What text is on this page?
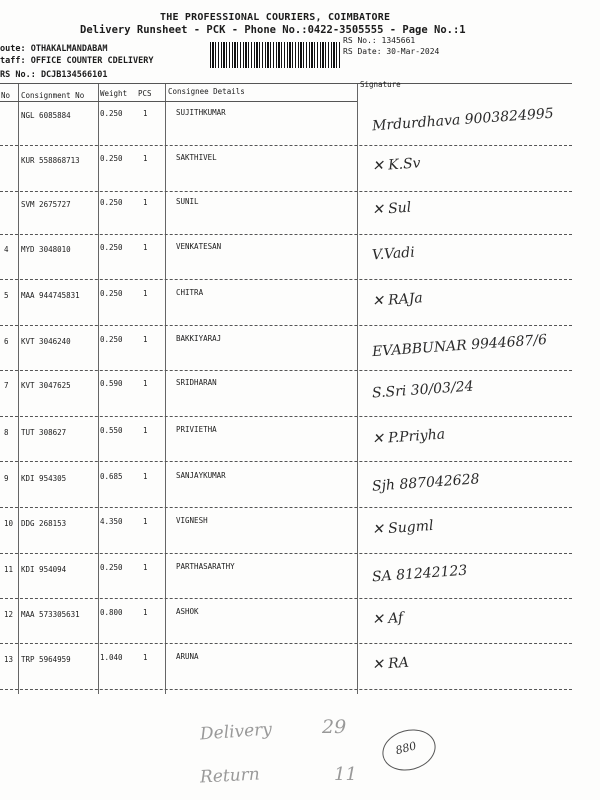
THE PROFESSIONAL COURIERS, COIMBATORE
Delivery Runsheet - PCK - Phone No.:0422-3505555 - Page No.:1
oute: OTHAKALMANDABAM
taff: OFFICE COUNTER CDELIVERY
RS No.: DCJB134566101
RS No.: 1345661
RS Date: 30-Mar-2024
No Consignment No Weight PCS Consignee Details
Signature
NGL 6085884	0.250	1	SUJITHKUMAR	Mrdurdhava 9003824995
KUR 558868713	0.250	1	SAKTHIVEL	✕ K.Sv
SVM 2675727	0.250	1	SUNIL	✕ Sul
4 MYD 3048010	0.250	1	VENKATESAN	V.Vadi
5 MAA 944745831	0.250	1	CHITRA	✕ RAJa
6 KVT 3046240	0.250	1	BAKKIYARAJ	EVABBUNAR 9944687/6
7 KVT 3047625	0.590	1	SRIDHARAN	S.Sri 30/03/24
8 TUT 308627	0.550	1	PRIVIETHA	✕ P.Priyha
9 KDI 954305	0.685	1	SANJAYKUMAR	Sjh 887042628
10 DDG 268153	4.350	1	VIGNESH	✕ Sugml
11 KDI 954094	0.250	1	PARTHASARATHY	SA 81242123
12 MAA 573305631	0.800	1	ASHOK	✕ Af
13 TRP 5964959	1.040	1	ARUNA	✕ RA
Delivery	29
Return	11
880
